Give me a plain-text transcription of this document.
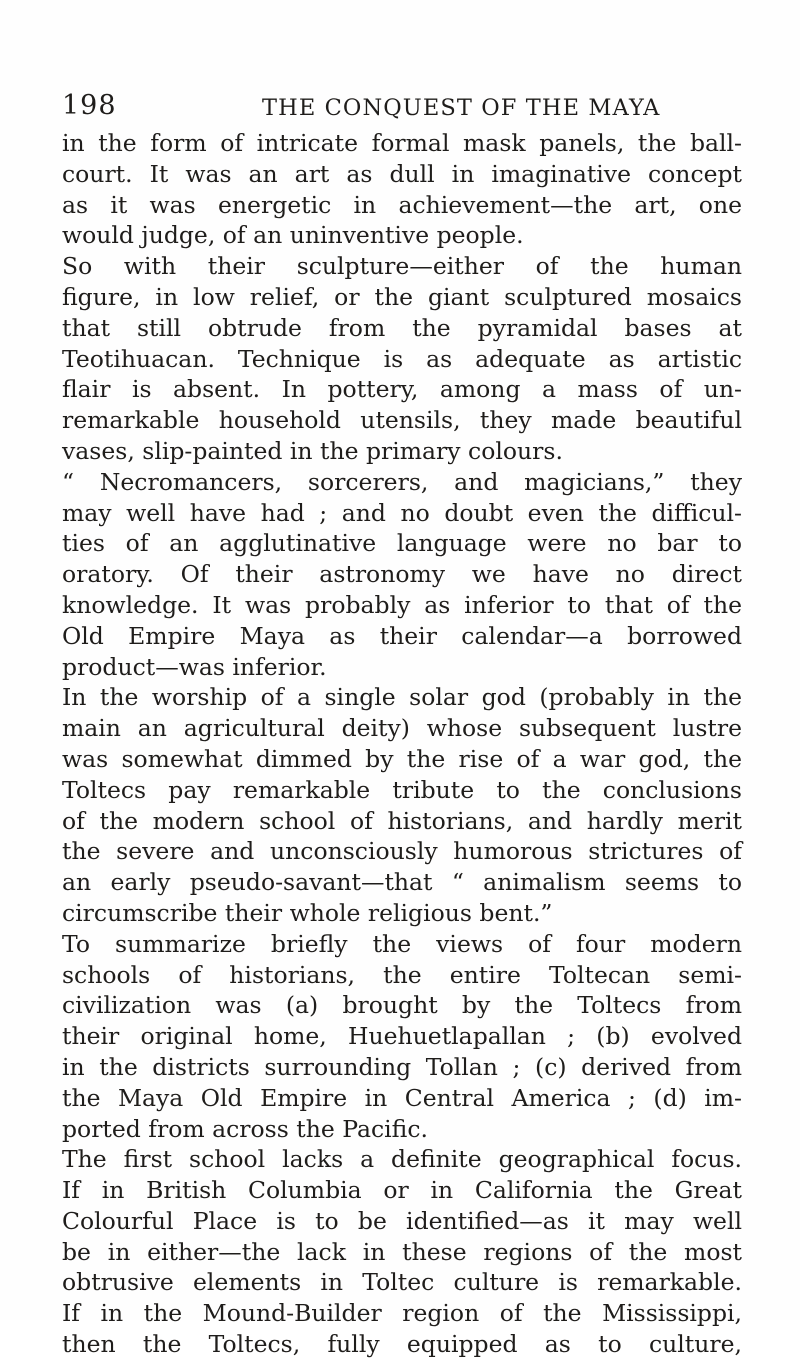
198	THE CONQUEST OF THE MAYA
in the form of intricate formal mask panels, the ball-
court. It was an art as dull in imaginative concept
as it was energetic in achievement—the art, one
would judge, of an uninventive people.
So with their sculpture—either of the human
figure, in low relief, or the giant sculptured mosaics
that still obtrude from the pyramidal bases at
Teotihuacan. Technique is as adequate as artistic
flair is absent. In pottery, among a mass of un-
remarkable household utensils, they made beautiful
vases, slip-painted in the primary colours.
“ Necromancers, sorcerers, and magicians,” they
may well have had ; and no doubt even the difficul-
ties of an agglutinative language were no bar to
oratory. Of their astronomy we have no direct
knowledge. It was probably as inferior to that of the
Old Empire Maya as their calendar—a borrowed
product—was inferior.
In the worship of a single solar god (probably in the
main an agricultural deity) whose subsequent lustre
was somewhat dimmed by the rise of a war god, the
Toltecs pay remarkable tribute to the conclusions
of the modern school of historians, and hardly merit
the severe and unconsciously humorous strictures of
an early pseudo-savant—that “ animalism seems to
circumscribe their whole religious bent.”
To summarize briefly the views of four modern
schools of historians, the entire Toltecan semi-
civilization was (a) brought by the Toltecs from
their original home, Huehuetlapallan ; (b) evolved
in the districts surrounding Tollan ; (c) derived from
the Maya Old Empire in Central America ; (d) im-
ported from across the Pacific.
The first school lacks a definite geographical focus.
If in British Columbia or in California the Great
Colourful Place is to be identified—as it may well
be in either—the lack in these regions of the most
obtrusive elements in Toltec culture is remarkable.
If in the Mound-Builder region of the Mississippi,
then the Toltecs, fully equipped as to culture,
